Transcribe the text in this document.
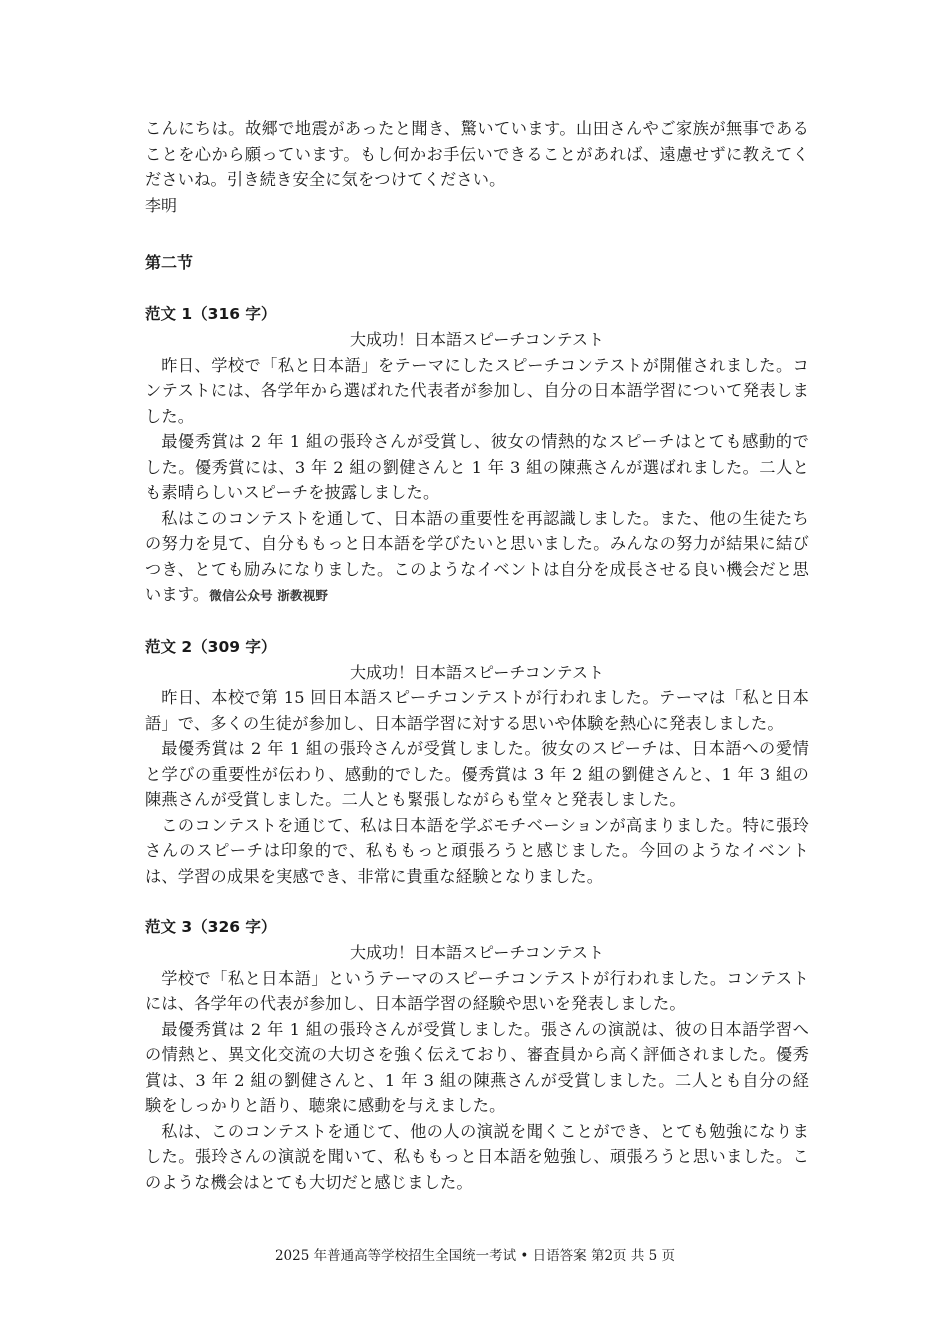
こんにちは。故郷で地震があったと聞き、驚いています。山田さんやご家族が無事であることを心から願っています。もし何かお手伝いできることがあれば、遠慮せずに教えてくださいね。引き続き安全に気をつけてください。

李明

第二节

范文 1（316 字）

大成功！日本語スピーチコンテスト

昨日、学校で「私と日本語」をテーマにしたスピーチコンテストが開催されました。コンテストには、各学年から選ばれた代表者が参加し、自分の日本語学習について発表しました。

最優秀賞は 2 年 1 組の張玲さんが受賞し、彼女の情熱的なスピーチはとても感動的でした。優秀賞には、3 年 2 組の劉健さんと 1 年 3 組の陳燕さんが選ばれました。二人とも素晴らしいスピーチを披露しました。

私はこのコンテストを通して、日本語の重要性を再認識しました。また、他の生徒たちの努力を見て、自分ももっと日本語を学びたいと思いました。みんなの努力が結果に結びつき、とても励みになりました。このようなイベントは自分を成長させる良い機会だと思います。微信公众号 浙教视野

范文 2（309 字）

大成功！日本語スピーチコンテスト

昨日、本校で第 15 回日本語スピーチコンテストが行われました。テーマは「私と日本語」で、多くの生徒が参加し、日本語学習に対する思いや体験を熱心に発表しました。

最優秀賞は 2 年 1 組の張玲さんが受賞しました。彼女のスピーチは、日本語への愛情と学びの重要性が伝わり、感動的でした。優秀賞は 3 年 2 組の劉健さんと、1 年 3 組の陳燕さんが受賞しました。二人とも緊張しながらも堂々と発表しました。

このコンテストを通じて、私は日本語を学ぶモチベーションが高まりました。特に張玲さんのスピーチは印象的で、私ももっと頑張ろうと感じました。今回のようなイベントは、学習の成果を実感でき、非常に貴重な経験となりました。

范文 3（326 字）

大成功！日本語スピーチコンテスト

学校で「私と日本語」というテーマのスピーチコンテストが行われました。コンテストには、各学年の代表が参加し、日本語学習の経験や思いを発表しました。

最優秀賞は 2 年 1 組の張玲さんが受賞しました。張さんの演説は、彼の日本語学習への情熱と、異文化交流の大切さを強く伝えており、審査員から高く評価されました。優秀賞は、3 年 2 組の劉健さんと、1 年 3 組の陳燕さんが受賞しました。二人とも自分の経験をしっかりと語り、聴衆に感動を与えました。

私は、このコンテストを通じて、他の人の演説を聞くことができ、とても勉強になりました。張玲さんの演説を聞いて、私ももっと日本語を勉強し、頑張ろうと思いました。このような機会はとても大切だと感じました。

2025 年普通高等学校招生全国统一考试 • 日语答案 第2页 共 5 页
